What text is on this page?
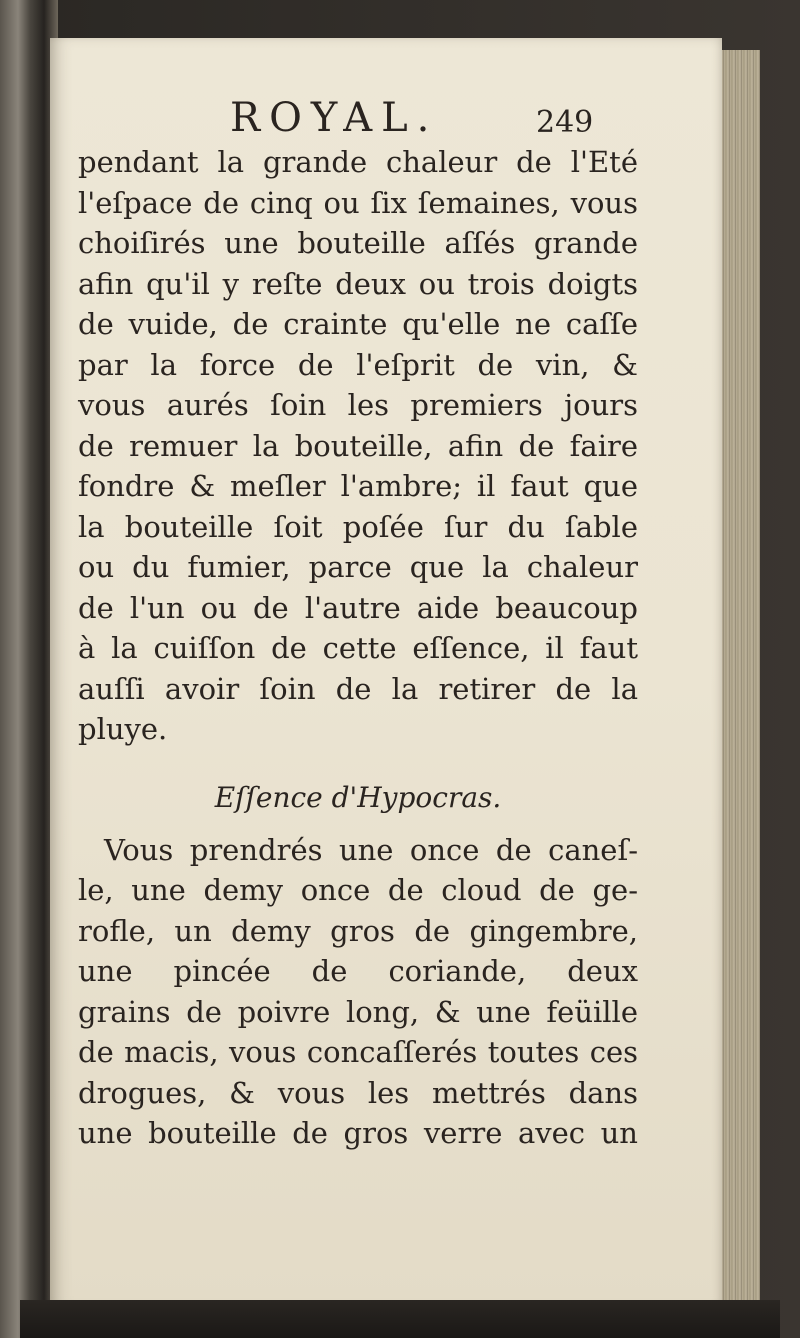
ROYAL.	249
pendant la grande chaleur de l'Eté
l'eſpace de cinq ou ſix ſemaines, vous
choiſirés une bouteille aſſés grande
afin qu'il y reſte deux ou trois doigts
de vuide, de crainte qu'elle ne caſſe
par la force de l'eſprit de vin, &
vous aurés ſoin les premiers jours
de remuer la bouteille, afin de faire
fondre & meſler l'ambre; il faut que
la bouteille ſoit poſée ſur du ſable
ou du fumier, parce que la chaleur
de l'un ou de l'autre aide beaucoup
à la cuiſſon de cette eſſence, il faut
auſſi avoir ſoin de la retirer de la
pluye.
Eſſence d'Hypocras.
Vous prendrés une once de caneſ-
le, une demy once de cloud de ge-
rofle, un demy gros de gingembre,
une pincée de coriande, deux
grains de poivre long, & une feüille
de macis, vous concaſſerés toutes ces
drogues, & vous les mettrés dans
une bouteille de gros verre avec un
